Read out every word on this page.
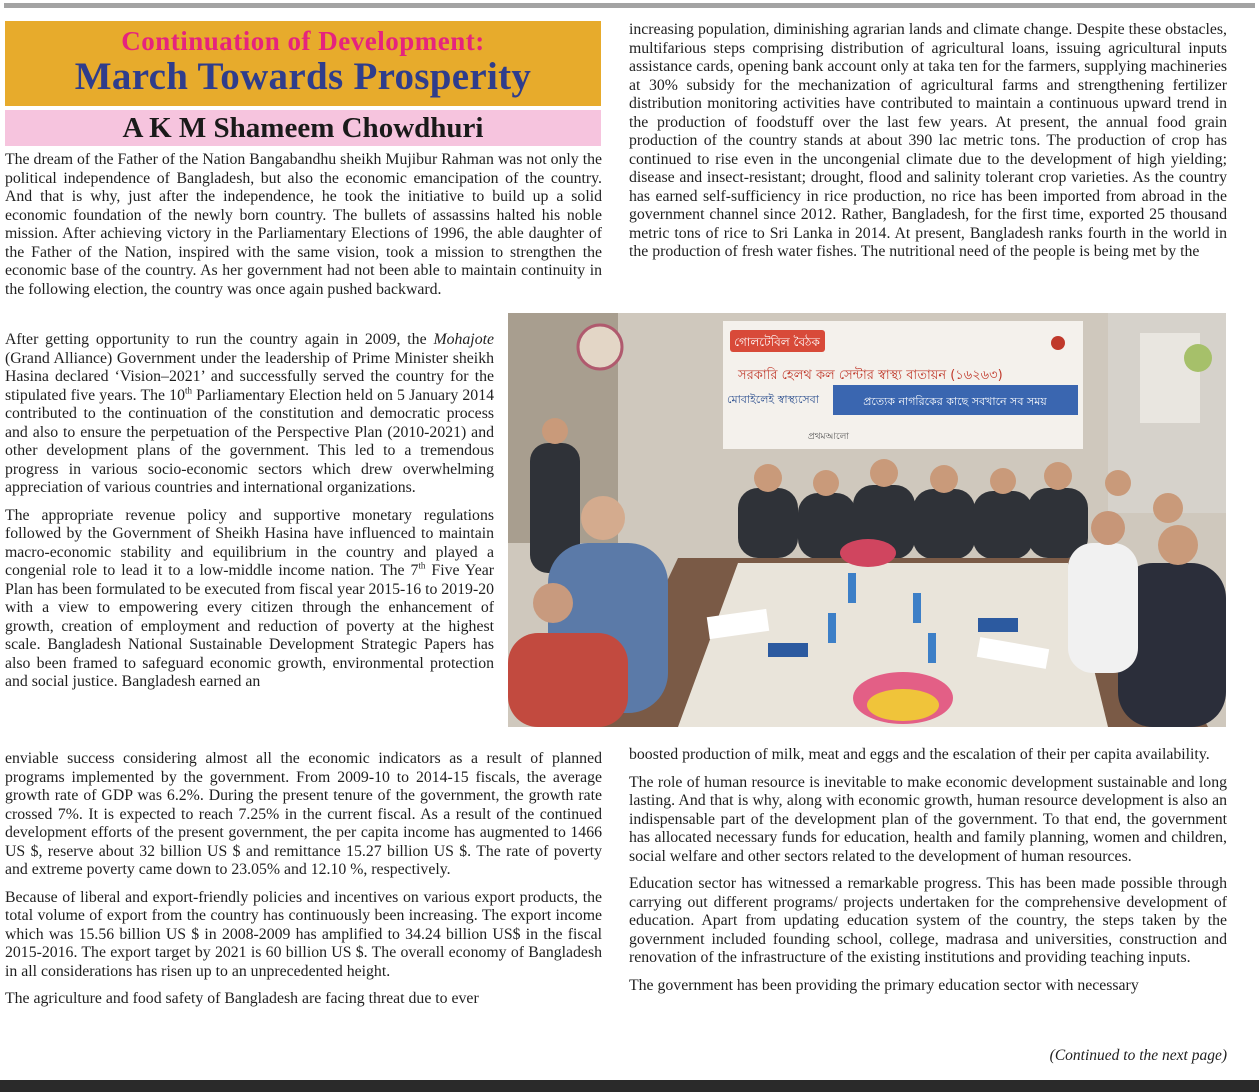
Continuation of Development:
March Towards Prosperity
A K M Shameem Chowdhuri

The dream of the Father of the Nation Bangabandhu sheikh Mujibur Rahman was not only the political independence of Bangladesh, but also the economic emancipation of the country. And that is why, just after the independence, he took the initiative to build up a solid economic foundation of the newly born country. The bullets of assassins halted his noble mission. After achieving victory in the Parliamentary Elections of 1996, the able daughter of the Father of the Nation, inspired with the same vision, took a mission to strengthen the economic base of the country. As her government had not been able to maintain continuity in the following election, the country was once again pushed backward.

After getting opportunity to run the country again in 2009, the Mohajote (Grand Alliance) Government under the leadership of Prime Minister sheikh Hasina declared ‘Vision–2021’ and successfully served the country for the stipulated five years. The 10th Parliamentary Election held on 5 January 2014 contributed to the continuation of the constitution and democratic process and also to ensure the perpetuation of the Perspective Plan (2010-2021) and other development plans of the government. This led to a tremendous progress in various socio-economic sectors which drew overwhelming appreciation of various countries and international organizations.

The appropriate revenue policy and supportive monetary regulations followed by the Government of Sheikh Hasina have influenced to maintain macro-economic stability and equilibrium in the country and played a congenial role to lead it to a low-middle income nation. The 7th Five Year Plan has been formulated to be executed from fiscal year 2015-16 to 2019-20 with a view to empowering every citizen through the enhancement of growth, creation of employment and reduction of poverty at the highest scale. Bangladesh National Sustainable Development Strategic Papers has also been framed to safeguard economic growth, environmental protection and social justice. Bangladesh earned an

enviable success considering almost all the economic indicators as a result of planned programs implemented by the government. From 2009-10 to 2014-15 fiscals, the average growth rate of GDP was 6.2%. During the present tenure of the government, the growth rate crossed 7%. It is expected to reach 7.25% in the current fiscal. As a result of the continued development efforts of the present government, the per capita income has augmented to 1466 US $, reserve about 32 billion US $ and remittance 15.27 billion US $. The rate of poverty and extreme poverty came down to 23.05% and 12.10 %, respectively.

Because of liberal and export-friendly policies and incentives on various export products, the total volume of export from the country has continuously been increasing. The export income which was 15.56 billion US $ in 2008-2009 has amplified to 34.24 billion US$ in the fiscal 2015-2016. The export target by 2021 is 60 billion US $. The overall economy of Bangladesh in all considerations has risen up to an unprecedented height.

The agriculture and food safety of Bangladesh are facing threat due to ever

increasing population, diminishing agrarian lands and climate change. Despite these obstacles, multifarious steps comprising distribution of agricultural loans, issuing agricultural inputs assistance cards, opening bank account only at taka ten for the farmers, supplying machineries at 30% subsidy for the mechanization of agricultural farms and strengthening fertilizer distribution monitoring activities have contributed to maintain a continuous upward trend in the production of foodstuff over the last few years. At present, the annual food grain production of the country stands at about 390 lac metric tons. The production of crop has continued to rise even in the uncongenial climate due to the development of high yielding; disease and insect-resistant; drought, flood and salinity tolerant crop varieties. As the country has earned self-sufficiency in rice production, no rice has been imported from abroad in the government channel since 2012. Rather, Bangladesh, for the first time, exported 25 thousand metric tons of rice to Sri Lanka in 2014. At present, Bangladesh ranks fourth in the world in the production of fresh water fishes. The nutritional need of the people is being met by the

boosted production of milk, meat and eggs and the escalation of their per capita availability.

The role of human resource is inevitable to make economic development sustainable and long lasting. And that is why, along with economic growth, human resource development is also an indispensable part of the development plan of the government. To that end, the government has allocated necessary funds for education, health and family planning, women and children, social welfare and other sectors related to the development of human resources.

Education sector has witnessed a remarkable progress. This has been made possible through carrying out different programs/ projects undertaken for the comprehensive development of education. Apart from updating education system of the country, the steps taken by the government included founding school, college, madrasa and universities, construction and renovation of the infrastructure of the existing institutions and providing teaching inputs.

The government has been providing the primary education sector with necessary

(Continued to the next page)
গোলটেবিল বৈঠক
সরকারি হেলথ কল সেন্টার স্বাস্থ্য বাতায়ন (১৬২৬৩)
প্রত্যেক নাগরিকের কাছে সবখানে সব সময়
মোবাইলেই স্বাস্থ্যসেবা
প্রথমআলো
